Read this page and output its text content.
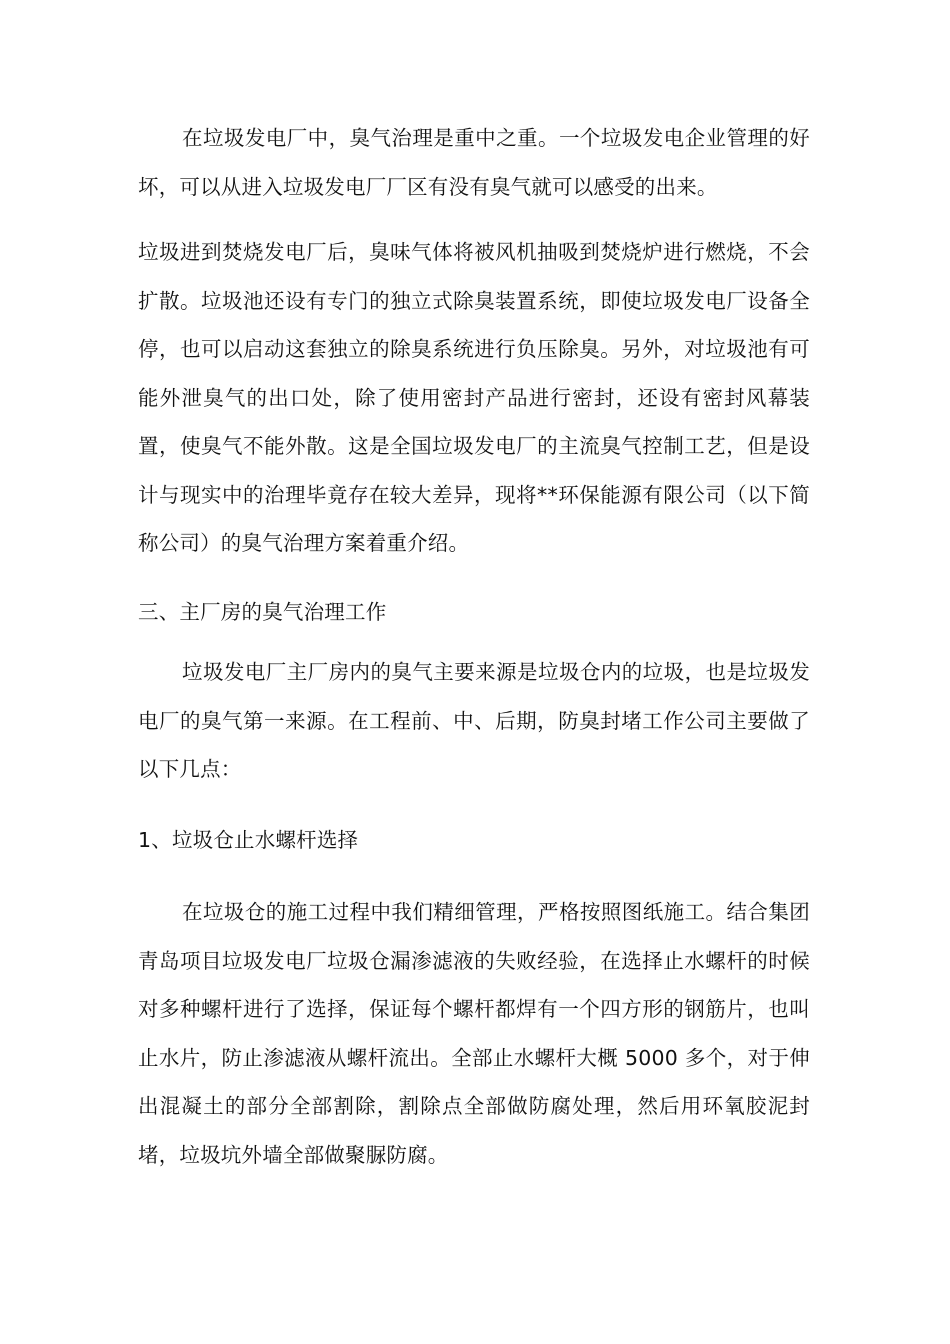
在垃圾发电厂中，臭气治理是重中之重。一个垃圾发电企业管理的好坏，可以从进入垃圾发电厂厂区有没有臭气就可以感受的出来。

垃圾进到焚烧发电厂后，臭味气体将被风机抽吸到焚烧炉进行燃烧，不会扩散。垃圾池还设有专门的独立式除臭装置系统，即使垃圾发电厂设备全停，也可以启动这套独立的除臭系统进行负压除臭。另外，对垃圾池有可能外泄臭气的出口处，除了使用密封产品进行密封，还设有密封风幕装置，使臭气不能外散。这是全国垃圾发电厂的主流臭气控制工艺，但是设计与现实中的治理毕竟存在较大差异，现将**环保能源有限公司（以下简称公司）的臭气治理方案着重介绍。

三、主厂房的臭气治理工作

垃圾发电厂主厂房内的臭气主要来源是垃圾仓内的垃圾，也是垃圾发电厂的臭气第一来源。在工程前、中、后期，防臭封堵工作公司主要做了以下几点：

1、垃圾仓止水螺杆选择

在垃圾仓的施工过程中我们精细管理，严格按照图纸施工。结合集团青岛项目垃圾发电厂垃圾仓漏渗滤液的失败经验，在选择止水螺杆的时候对多种螺杆进行了选择，保证每个螺杆都焊有一个四方形的钢筋片，也叫止水片，防止渗滤液从螺杆流出。全部止水螺杆大概 5000 多个，对于伸出混凝土的部分全部割除，割除点全部做防腐处理，然后用环氧胶泥封堵，垃圾坑外墙全部做聚脲防腐。
